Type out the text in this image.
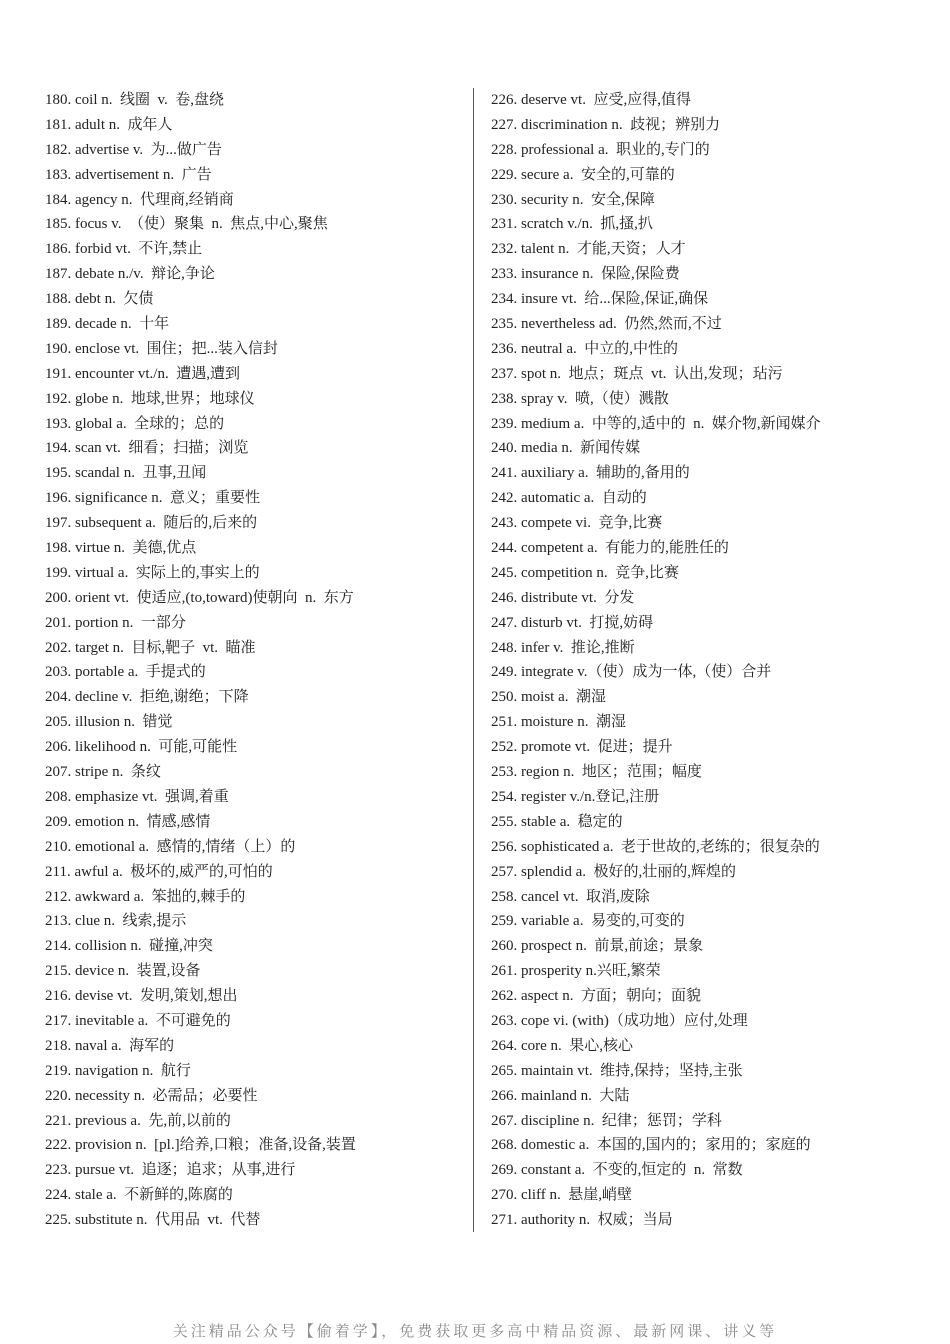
180. coil n.  线圈  v.  卷,盘绕
181. adult n.  成年人
182. advertise v.  为...做广告
183. advertisement n.  广告
184. agency n.  代理商,经销商
185. focus v.  （使）聚集  n.  焦点,中心,聚焦
186. forbid vt.  不许,禁止
187. debate n./v.  辩论,争论
188. debt n.  欠债
189. decade n.  十年
190. enclose vt.  围住；把...装入信封
191. encounter vt./n.  遭遇,遭到
192. globe n.  地球,世界；地球仪
193. global a.  全球的；总的
194. scan vt.  细看；扫描；浏览
195. scandal n.  丑事,丑闻
196. significance n.  意义；重要性
197. subsequent a.  随后的,后来的
198. virtue n.  美德,优点
199. virtual a.  实际上的,事实上的
200. orient vt.  使适应,(to,toward)使朝向  n.  东方
201. portion n.  一部分
202. target n.  目标,靶子  vt.  瞄准
203. portable a.  手提式的
204. decline v.  拒绝,谢绝；下降
205. illusion n.  错觉
206. likelihood n.  可能,可能性
207. stripe n.  条纹
208. emphasize vt.  强调,着重
209. emotion n.  情感,感情
210. emotional a.  感情的,情绪（上）的
211. awful a.  极坏的,威严的,可怕的
212. awkward a.  笨拙的,棘手的
213. clue n.  线索,提示
214. collision n.  碰撞,冲突
215. device n.  装置,设备
216. devise vt.  发明,策划,想出
217. inevitable a.  不可避免的
218. naval a.  海军的
219. navigation n.  航行
220. necessity n.  必需品；必要性
221. previous a.  先,前,以前的
222. provision n.  [pl.]给养,口粮；准备,设备,装置
223. pursue vt.  追逐；追求；从事,进行
224. stale a.  不新鲜的,陈腐的
225. substitute n.  代用品  vt.  代替
226. deserve vt.  应受,应得,值得
227. discrimination n.  歧视；辨别力
228. professional a.  职业的,专门的
229. secure a.  安全的,可靠的
230. security n.  安全,保障
231. scratch v./n.  抓,搔,扒
232. talent n.  才能,天资；人才
233. insurance n.  保险,保险费
234. insure vt.  给...保险,保证,确保
235. nevertheless ad.  仍然,然而,不过
236. neutral a.  中立的,中性的
237. spot n.  地点；斑点  vt.  认出,发现；玷污
238. spray v.  喷,（使）溅散
239. medium a.  中等的,适中的  n.  媒介物,新闻媒介
240. media n.  新闻传媒
241. auxiliary a.  辅助的,备用的
242. automatic a.  自动的
243. compete vi.  竞争,比赛
244. competent a.  有能力的,能胜任的
245. competition n.  竞争,比赛
246. distribute vt.  分发
247. disturb vt.  打搅,妨碍
248. infer v.  推论,推断
249. integrate v.（使）成为一体,（使）合并
250. moist a.  潮湿
251. moisture n.  潮湿
252. promote vt.  促进；提升
253. region n.  地区；范围；幅度
254. register v./n.登记,注册
255. stable a.  稳定的
256. sophisticated a.  老于世故的,老练的；很复杂的
257. splendid a.  极好的,壮丽的,辉煌的
258. cancel vt.  取消,废除
259. variable a.  易变的,可变的
260. prospect n.  前景,前途；景象
261. prosperity n.兴旺,繁荣
262. aspect n.  方面；朝向；面貌
263. cope vi. (with)（成功地）应付,处理
264. core n.  果心,核心
265. maintain vt.  维持,保持；坚持,主张
266. mainland n.  大陆
267. discipline n.  纪律；惩罚；学科
268. domestic a.  本国的,国内的；家用的；家庭的
269. constant a.  不变的,恒定的  n.  常数
270. cliff n.  悬崖,峭壁
271. authority n.  权威；当局
关注精品公众号【偷着学】，免费获取更多高中精品资源、最新网课、讲义等
